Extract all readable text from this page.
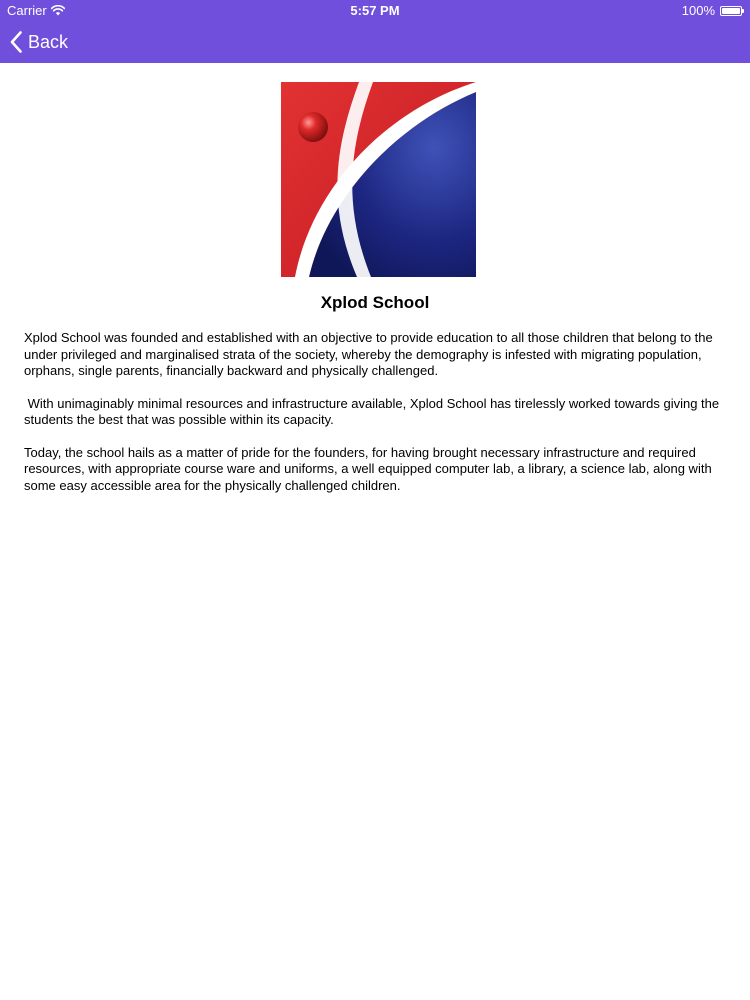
Carrier	5:57 PM	100%
Back
Xplod School

Xplod School was founded and established with an objective to provide education to all those children that belong to the under privileged and marginalised strata of the society, whereby the demography is infested with migrating population, orphans, single parents, financially backward and physically challenged.

With unimaginably minimal resources and infrastructure available, Xplod School has tirelessly worked towards giving the students the best that was possible within its capacity.

Today, the school hails as a matter of pride for the founders, for having brought necessary infrastructure and required resources, with appropriate course ware and uniforms, a well equipped computer lab, a library, a science lab, along with some easy accessible area for the physically challenged children.
